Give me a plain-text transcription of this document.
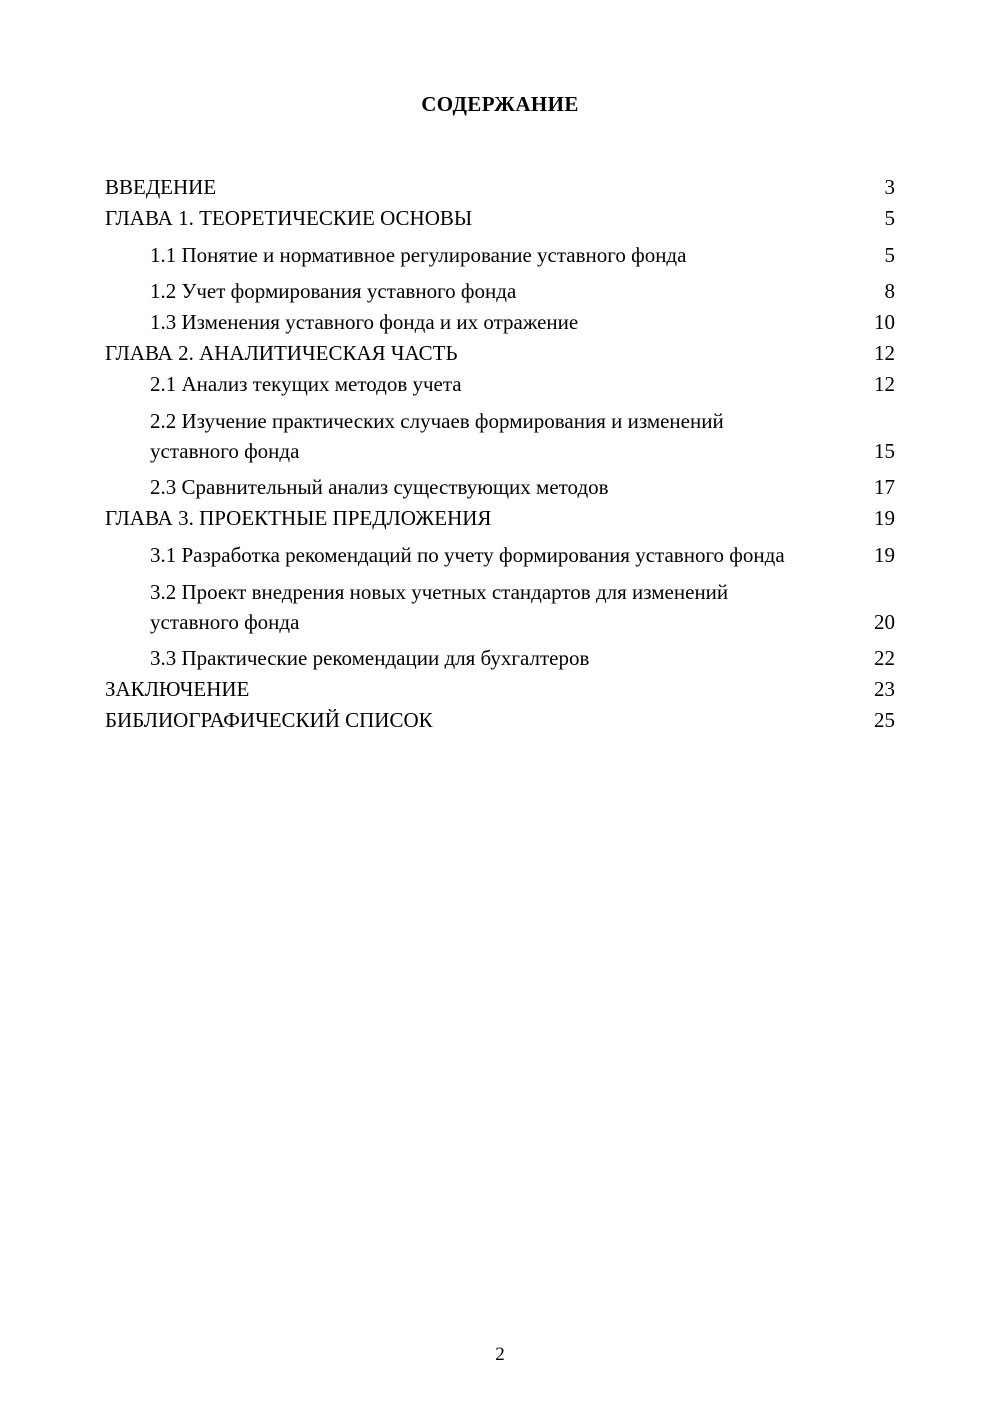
СОДЕРЖАНИЕ
ВВЕДЕНИЕ	3
ГЛАВА 1. ТЕОРЕТИЧЕСКИЕ ОСНОВЫ	5
1.1 Понятие и нормативное регулирование уставного фонда	5
1.2 Учет формирования уставного фонда	8
1.3 Изменения уставного фонда и их отражение	10
ГЛАВА 2. АНАЛИТИЧЕСКАЯ ЧАСТЬ	12
2.1 Анализ текущих методов учета	12
2.2 Изучение практических случаев формирования и изменений уставного фонда	15
2.3 Сравнительный анализ существующих методов	17
ГЛАВА 3. ПРОЕКТНЫЕ ПРЕДЛОЖЕНИЯ	19
3.1 Разработка рекомендаций по учету формирования уставного фонда	19
3.2 Проект внедрения новых учетных стандартов для изменений уставного фонда	20
3.3 Практические рекомендации для бухгалтеров	22
ЗАКЛЮЧЕНИЕ	23
БИБЛИОГРАФИЧЕСКИЙ СПИСОК	25
2
